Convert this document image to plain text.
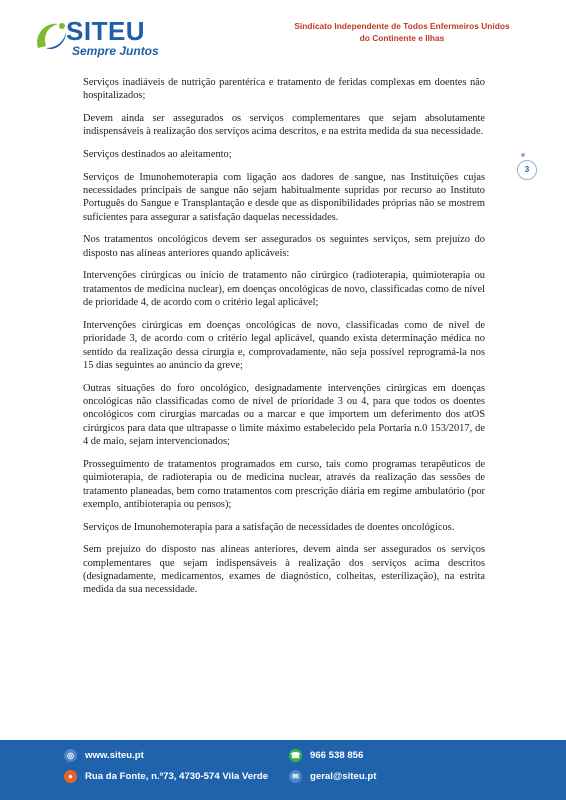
SITEU
Sempre Juntos
Sindicato Independente de Todos Enfermeiros Unidos
do Continente e Ilhas
3

Serviços inadiáveis de nutrição parentérica e tratamento de feridas complexas em doentes não hospitalizados;

Devem ainda ser assegurados os serviços complementares que sejam absolutamente indispensáveis à realização dos serviços acima descritos, e na estrita medida da sua necessidade.

Serviços destinados ao aleitamento;

Serviços de Imunohemoterapia com ligação aos dadores de sangue, nas Instituições cujas necessidades principais de sangue não sejam habitualmente supridas por recurso ao Instituto Português do Sangue e Transplantação e desde que as disponibilidades próprias não se mostrem suficientes para assegurar a satisfação daquelas necessidades.

Nos tratamentos oncológicos devem ser assegurados os seguintes serviços, sem prejuízo do disposto nas alíneas anteriores quando aplicáveis:

Intervenções cirúrgicas ou início de tratamento não cirúrgico (radioterapia, quimioterapia ou tratamentos de medicina nuclear), em doenças oncológicas de novo, classificadas como de nível de prioridade 4, de acordo com o critério legal aplicável;

Intervenções cirúrgicas em doenças oncológicas de novo, classificadas como de nível de prioridade 3, de acordo com o critério legal aplicável, quando exista determinação médica no sentido da realização dessa cirurgia e, comprovadamente, não seja possível reprogramá-la nos 15 dias seguintes ao anúncio da greve;

Outras situações do foro oncológico, designadamente intervenções cirúrgicas em doenças oncológicas não classificadas como de nível de prioridade 3 ou 4, para que todos os doentes oncológicos com cirurgias marcadas ou a marcar e que importem um deferimento dos atOS cirúrgicos para data que ultrapasse o limite máximo estabelecido pela Portaria n.0 153/2017, de 4 de maio, sejam intervencionados;

Prosseguimento de tratamentos programados em curso, tais como programas terapêuticos de quimioterapia, de radioterapia ou de medicina nuclear, através da realização das sessões de tratamento planeadas, bem como tratamentos com prescrição diária em regime ambulatório (por exemplo, antibioterapia ou pensos);

Serviços de Imunohemoterapia para a satisfação de necessidades de doentes oncológicos.

Sem prejuízo do disposto nas alíneas anteriores, devem ainda ser assegurados os serviços complementares que sejam indispensáveis à realização dos serviços acima descritos (designadamente, medicamentos, exames de diagnóstico, colheitas, esterilização), na estrita medida da sua necessidade.

◎	www.siteu.pt
●	Rua da Fonte, n.º73, 4730-574 Vila Verde
☎ 966 538 856
✉	geral@siteu.pt
